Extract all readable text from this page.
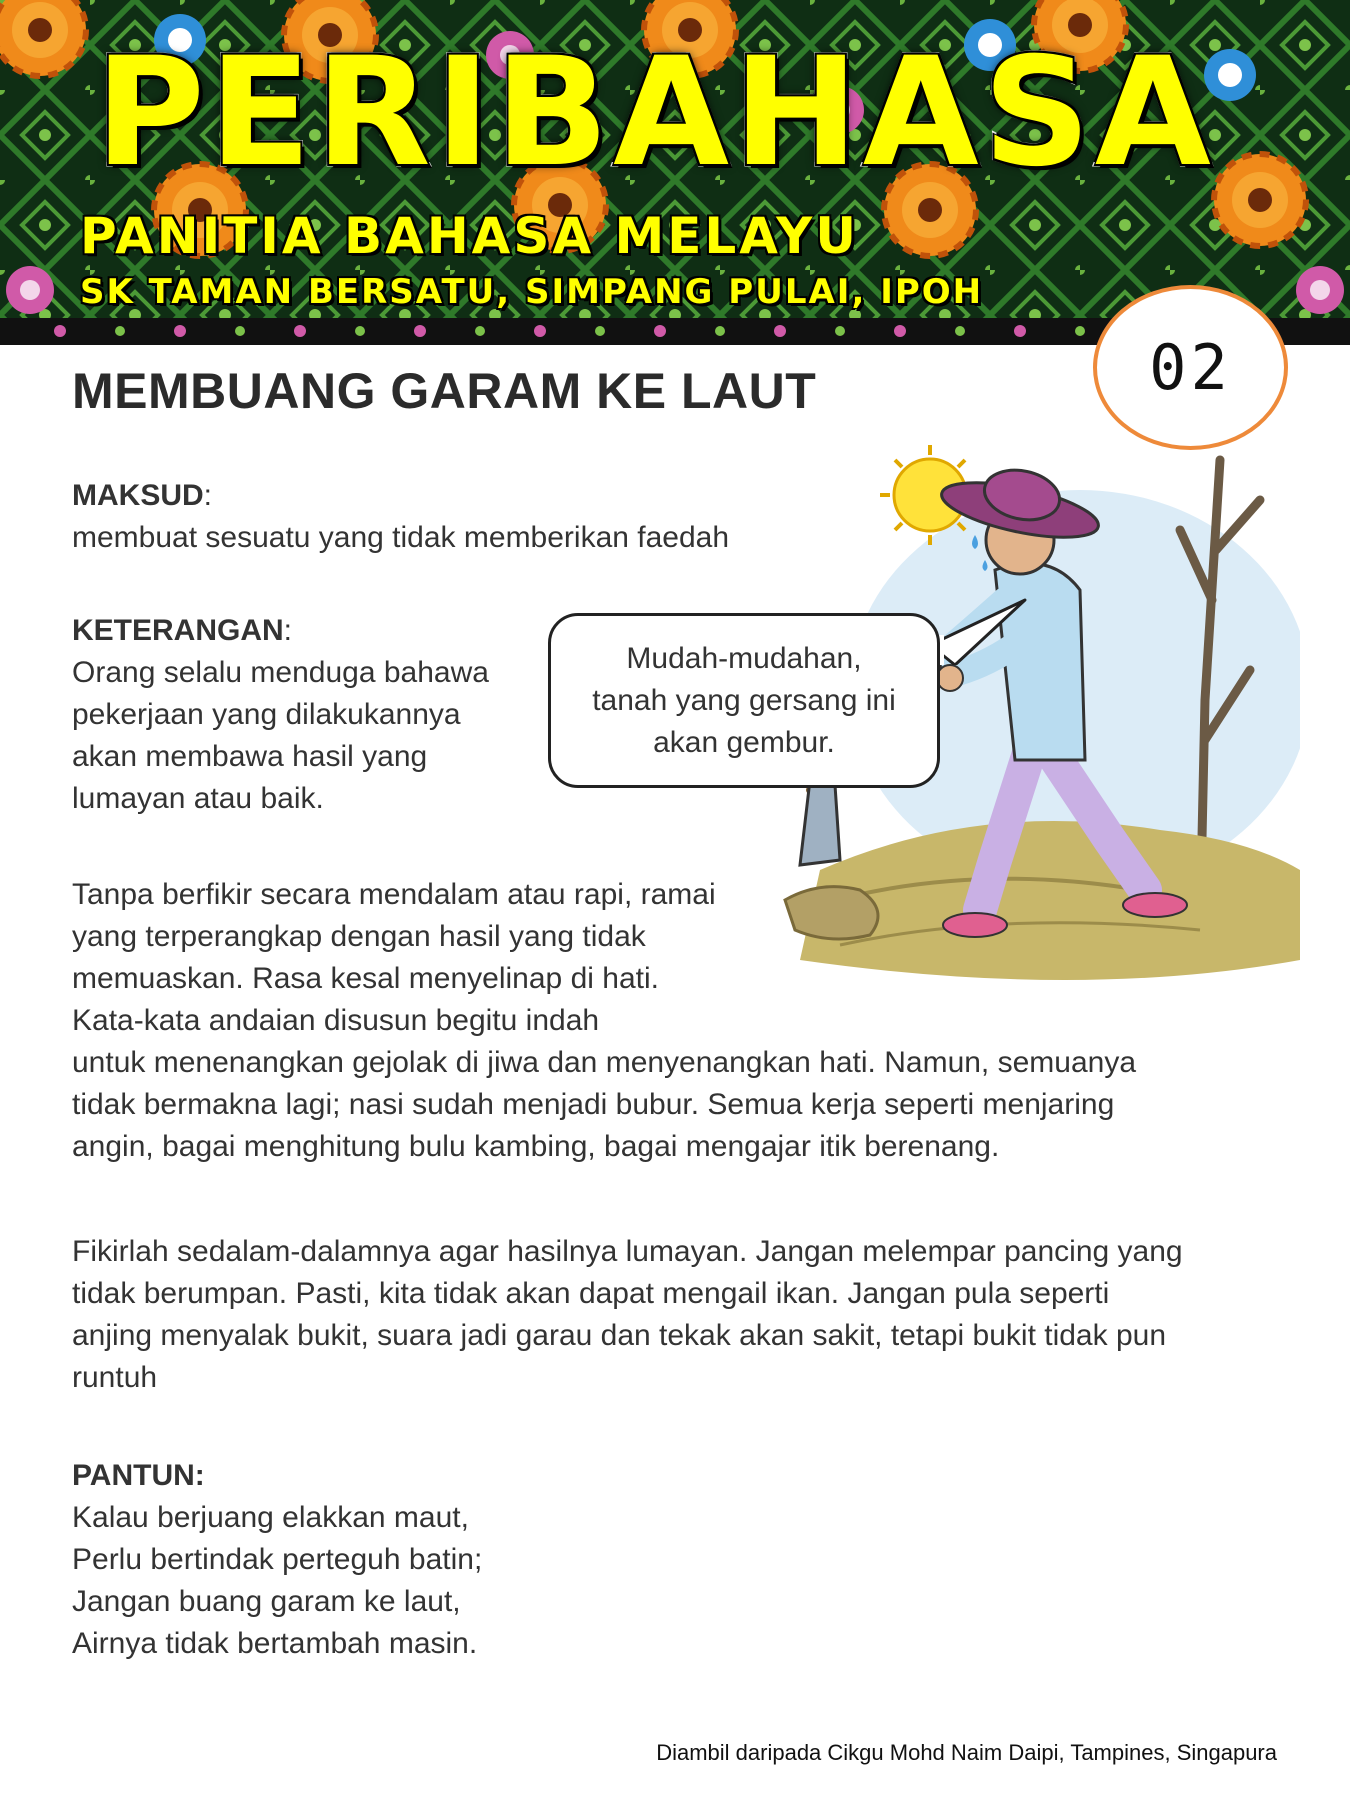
PERIBAHASA
PANITIA BAHASA MELAYU
SK TAMAN BERSATU, SIMPANG PULAI, IPOH
02
MEMBUANG GARAM KE LAUT
MAKSUD:
membuat sesuatu yang tidak memberikan faedah
KETERANGAN:
Orang selalu menduga bahawa
pekerjaan yang dilakukannya
akan membawa hasil yang
lumayan atau baik.
Tanpa berfikir secara mendalam atau rapi, ramai
yang terperangkap dengan hasil yang tidak
memuaskan. Rasa kesal menyelinap di hati.
Kata-kata andaian disusun begitu indah
untuk menenangkan gejolak di jiwa dan menyenangkan hati. Namun, semuanya
tidak bermakna lagi; nasi sudah menjadi bubur. Semua kerja seperti menjaring
angin, bagai menghitung bulu kambing, bagai mengajar itik berenang.
Fikirlah sedalam-dalamnya agar hasilnya lumayan. Jangan melempar pancing yang
tidak berumpan. Pasti, kita tidak akan dapat mengail ikan. Jangan pula seperti
anjing menyalak bukit, suara jadi garau dan tekak akan sakit, tetapi bukit tidak pun
runtuh
PANTUN:
Kalau berjuang elakkan maut,
Perlu bertindak perteguh batin;
Jangan buang garam ke laut,
Airnya tidak bertambah masin.
Mudah-mudahan,
tanah yang gersang ini
akan gembur.
Diambil daripada Cikgu Mohd Naim Daipi, Tampines, Singapura
